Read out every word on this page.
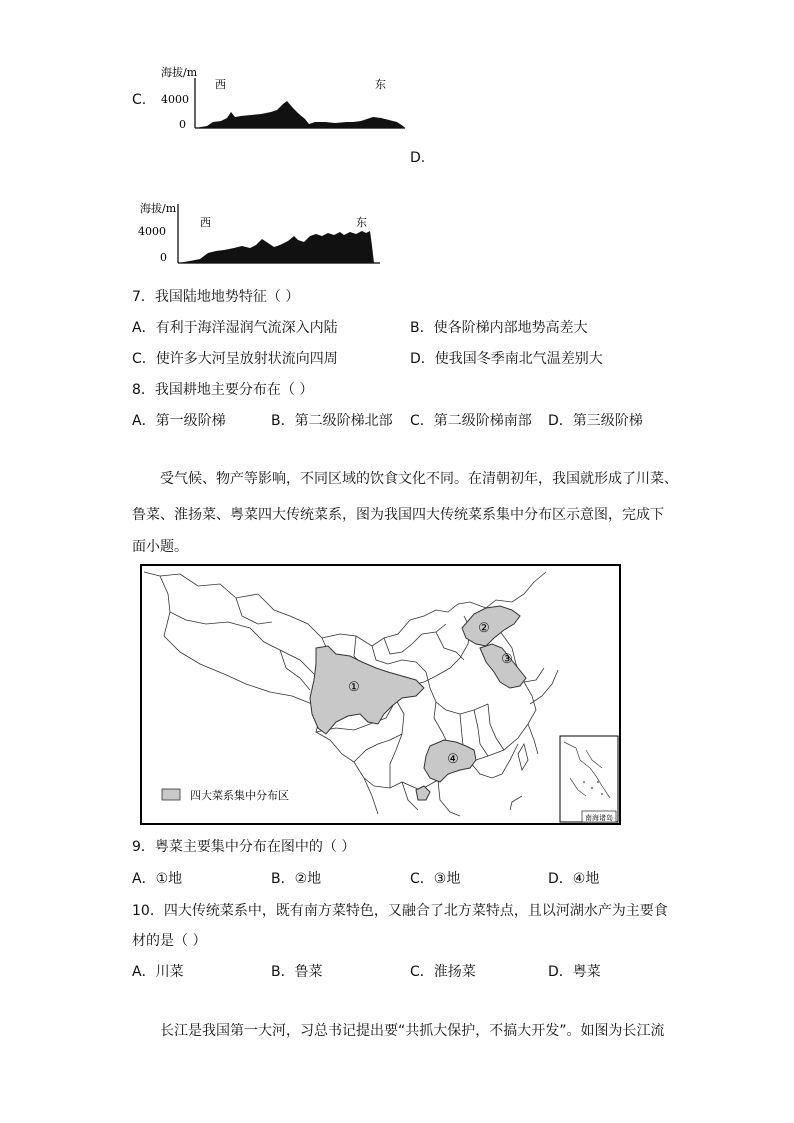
C.
海拔/m
4000
0
西	东
D.
海拔/m
4000
0
西	东
7．我国陆地地势特征（ ）
A．有利于海洋湿润气流深入内陆	B．使各阶梯内部地势高差大
C．使许多大河呈放射状流向四周	D．使我国冬季南北气温差别大
8．我国耕地主要分布在（ ）
A．第一级阶梯	B．第二级阶梯北部 C．第二级阶梯南部 D．第三级阶梯
受气候、物产等影响，不同区域的饮食文化不同。在清朝初年，我国就形成了川菜、
鲁菜、淮扬菜、粤菜四大传统菜系，图为我国四大传统菜系集中分布区示意图，完成下
面小题。
①
②
③
④
四大菜系集中分布区
南海诸岛
9．粤菜主要集中分布在图中的（ ）
A．①地	B．②地	C．③地	D．④地
10．四大传统菜系中，既有南方菜特色，又融合了北方菜特点，且以河湖水产为主要食
材的是（ ）
A．川菜	B．鲁菜	C．淮扬菜	D．粤菜
长江是我国第一大河，习总书记提出要“共抓大保护，不搞大开发”。如图为长江流
